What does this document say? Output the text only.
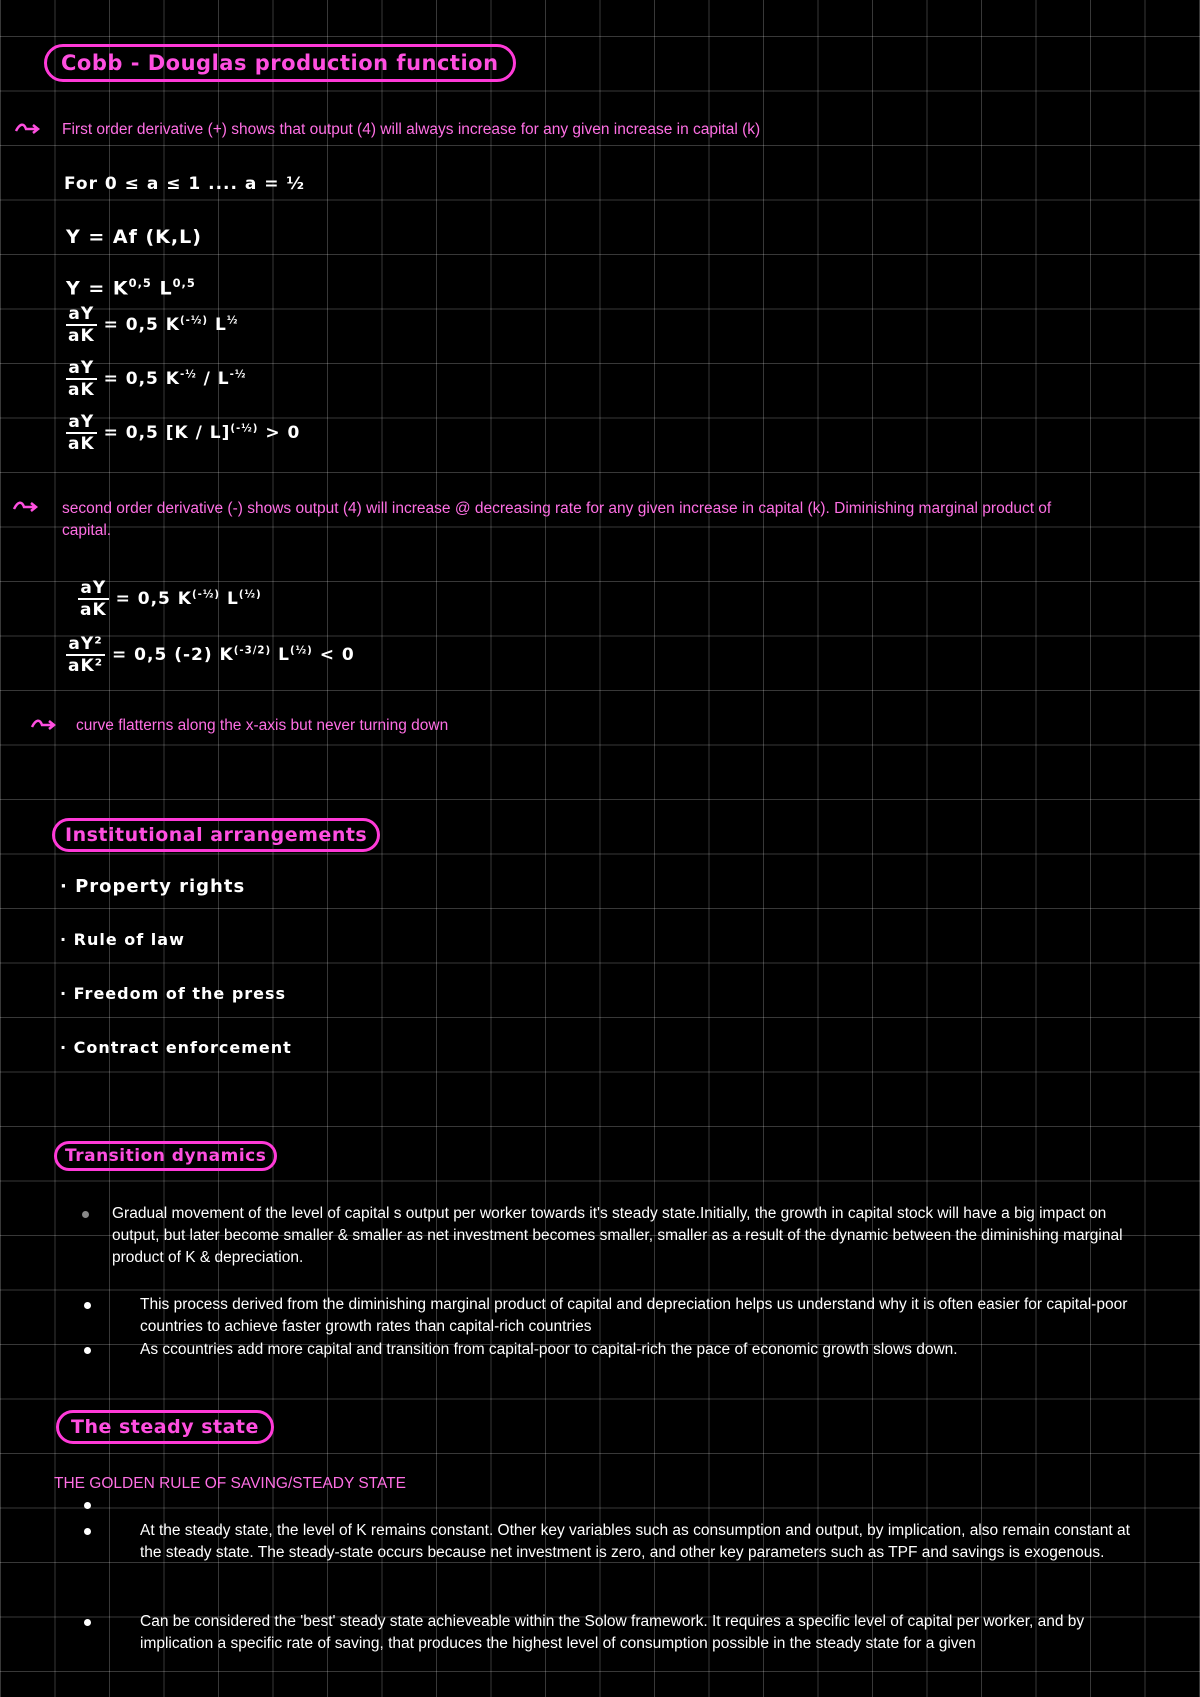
Cobb - Douglas production function
First order derivative (+) shows that output (4) will always increase for any given increase in capital (k)
For 0 ≤ a ≤ 1 .... a = ½
Y = Af (K,L)
Y = K$^{0,5}$ L$^{0,5}$
$\frac{aY}{aK} = 0,5$ $K^{(-\frac{1}{2})}$ $L^{\frac{1}{2}}$
$\frac{aY}{aK} = 0,5$ $K^{-\frac{1}{2}} / L^{-\frac{1}{2}}$
$\frac{aY}{aK} = 0,5$ [K / L]$^{(-\frac{1}{2})}$ > 0
second order derivative (-) shows output (4) will increase @ decreasing rate for any given increase in capital (k). Diminishing marginal product of capital.
$\frac{aY}{aK} = 0,5$ $K^{(-\frac{1}{2})}$ $L^{(\frac{1}{2})}$
$\frac{\text{aY²}}{\text{aK²}} = 0,5$ (-2) $K^{(-3/2)}$ $L^{(\frac{1}{2})} < 0$
curve flatterns along the x-axis but never turning down
Institutional arrangements
· Property rights
· Rule of law
· Freedom of the press
· Contract enforcement
Transition dynamics
Gradual movement of the level of capital s output per worker towards it's steady state.Initially, the growth in capital stock will have a big impact on output, but later become smaller & smaller as net investment becomes smaller, smaller as a result of the dynamic between the diminishing marginal product of K & depreciation.
This process derived from the diminishing marginal product of capital and depreciation helps us understand why it is often easier for capital-poor countries to achieve faster growth rates than capital-rich countries
As ccountries add more capital and transition from capital-poor to capital-rich the pace of economic growth slows down.
The steady state
THE GOLDEN RULE OF SAVING/STEADY STATE
At the steady state, the level of K remains constant. Other key variables such as consumption and output, by implication, also remain constant at the steady state. The steady-state occurs because net investment is zero, and other key parameters such as TPF and savings is exogenous.
Can be considered the 'best' steady state achieveable within the Solow framework. It requires a specific level of capital per worker, and by implication a specific rate of saving, that produces the highest level of consumption possible in the steady state for a given
